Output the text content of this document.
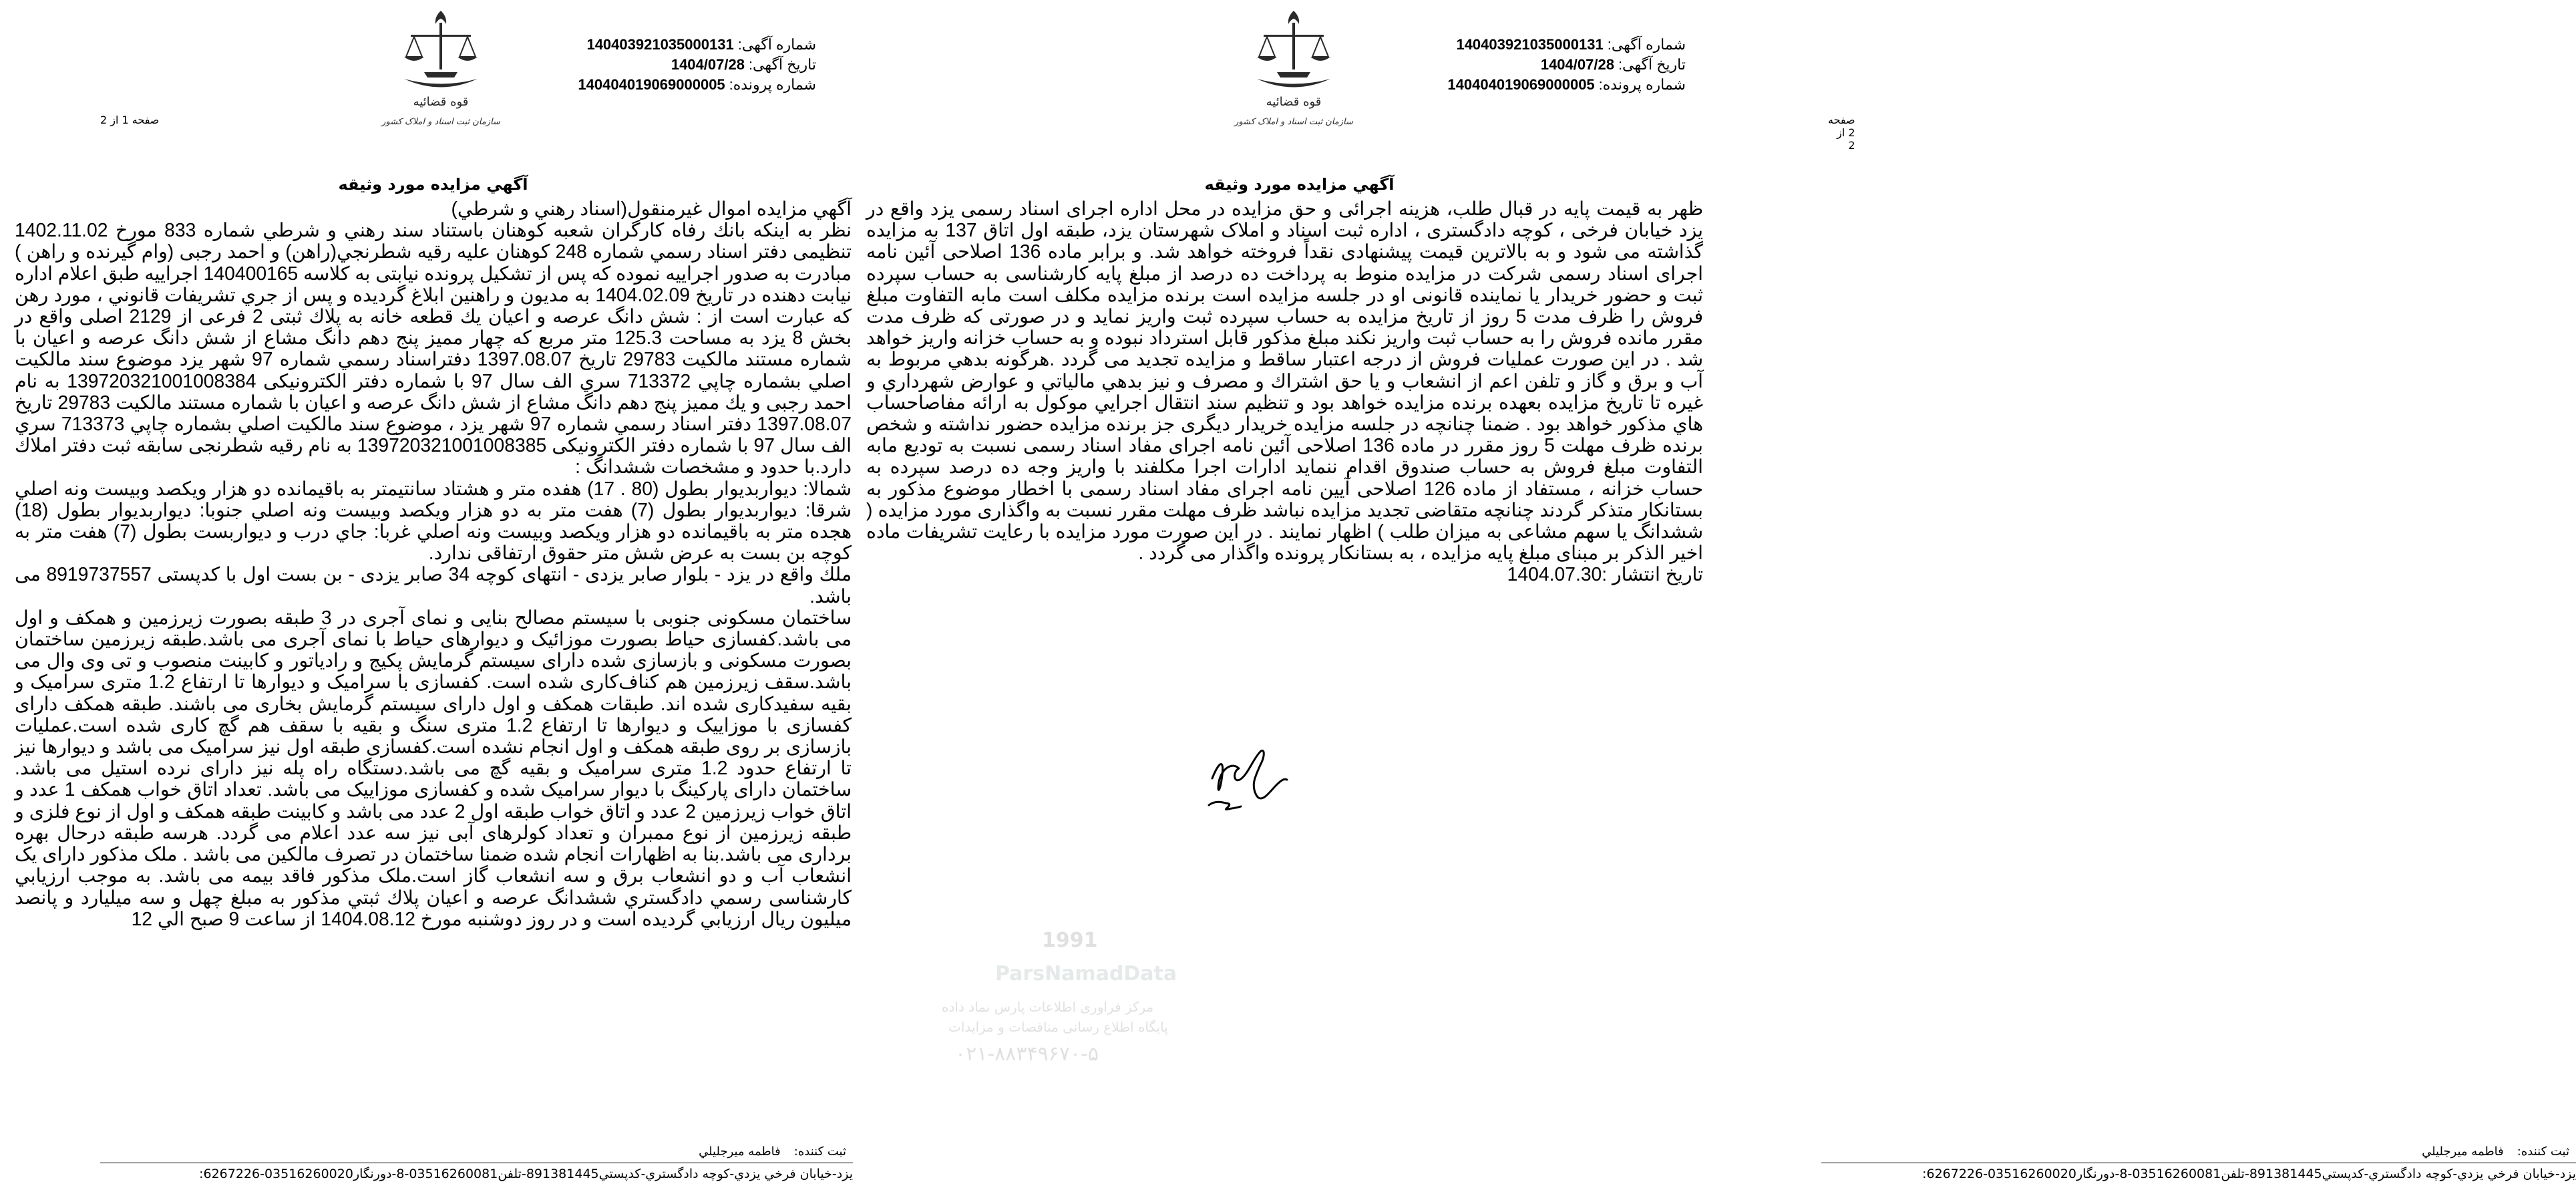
شماره آگهی:140403921035000131
تاریخ آگهی:1404/07/28
شماره پرونده:140404019069000005
قوه قضائیه
سازمان ثبت اسناد و املاک کشور
صفحه 1 از 2
آگهي مزايده مورد وثيقه

آگهي مزايده اموال غيرمنقول(اسناد رهني و شرطي)
نظر به اينكه بانك رفاه كارگران شعبه كوهنان باستناد سند رهني و شرطي شماره 833 مورخ 1402.11.02 تنظيمی دفتر اسناد رسمي شماره 248 كوهنان عليه رقيه شطرنجي(راهن) و احمد رجبی (وام گيرنده و راهن ) مبادرت به صدور اجراييه نموده كه پس از تشكيل پرونده نيابتی به كلاسه 140400165 اجراييه طبق اعلام اداره نيابت دهنده در تاريخ 1404.02.09 به مديون و راهنين ابلاغ گرديده و پس از جري تشريفات قانوني ، مورد رهن كه عبارت است از : شش دانگ عرصه و اعيان يك قطعه خانه به پلاك ثبتی 2 فرعی از 2129 اصلی واقع در بخش 8 يزد به مساحت 125.3 متر مربع كه چهار مميز پنج دهم دانگ مشاع از شش دانگ عرصه و اعيان با شماره مستند مالكيت 29783 تاريخ 1397.08.07 دفتراسناد رسمي شماره 97 شهر يزد موضوع سند مالكيت اصلي بشماره چاپي 713372 سري الف سال 97 با شماره دفتر الكترونيكی 139720321001008384 به نام احمد رجبی و يك مميز پنج دهم دانگ مشاع از شش دانگ عرصه و اعيان با شماره مستند مالكيت 29783 تاريخ 1397.08.07 دفتر اسناد رسمي شماره 97 شهر يزد ، موضوع سند مالكيت اصلي بشماره چاپي 713373 سري الف سال 97 با شماره دفتر الكترونيكی 139720321001008385 به نام رقيه شطرنجی سابقه ثبت دفتر املاك دارد.با حدود و مشخصات ششدانگ :
شمالا: ديواربديوار بطول (80 . 17) هفده متر و هشتاد سانتيمتر به باقيمانده دو هزار ويكصد وبيست ونه اصلي شرقا: ديواربديوار بطول (7) هفت متر به دو هزار ويكصد وبيست ونه اصلي جنوبا: ديواربديوار بطول (18) هجده متر به باقيمانده دو هزار ويكصد وبيست ونه اصلي غربا: جاي درب و ديواربست بطول (7) هفت متر به كوچه بن بست به عرض شش متر حقوق ارتفاقی ندارد.
ملك واقع در يزد - بلوار صابر يزدی - انتهای كوچه 34 صابر يزدی - بن بست اول با كدپستی 8919737557 می باشد.
ساختمان مسكونی جنوبی با سيستم مصالح بنايی و نمای آجری در 3 طبقه بصورت زيرزمين و همكف و اول می باشد.كفسازی حياط بصورت موزائيک و ديوارهای حياط با نمای آجری می باشد.طبقه زيرزمين ساختمان بصورت مسكونی و بازسازی شده دارای سيستم گرمايش پكيج و رادياتور و كابينت منصوب و تی وی وال می باشد.سقف زيرزمين هم كناف‌كاری شده است. كفسازی با سراميک و ديوارها تا ارتفاع 1.2 متری سراميک و بقيه سفيدكاری شده اند. طبقات همكف و اول دارای سيستم گرمايش بخاری می باشند. طبقه همكف دارای كفسازی با موزاييک و ديوارها تا ارتفاع 1.2 متری سنگ و بقيه با سقف هم گچ كاری شده است.عمليات بازسازی بر روی طبقه همكف و اول انجام نشده است.كفسازی طبقه اول نيز سراميک می باشد و ديوارها نيز تا ارتفاع حدود 1.2 متری سراميک و بقيه گچ می باشد.دستگاه راه پله نيز دارای نرده استيل می باشد. ساختمان دارای پاركينگ با ديوار سراميک شده و كفسازی موزاييک می باشد. تعداد اتاق خواب همكف 1 عدد و اتاق خواب زيرزمين 2 عدد و اتاق خواب طبقه اول 2 عدد می باشد و كابينت طبقه همكف و اول از نوع فلزی و طبقه زيرزمين از نوع ممبران و تعداد كولرهای آبی نيز سه عدد اعلام می گردد. هرسه طبقه درحال بهره برداری می باشد.بنا به اظهارات انجام شده ضمنا ساختمان در تصرف مالكين می باشد . ملک مذكور دارای يک انشعاب آب و دو انشعاب برق و سه انشعاب گاز است.ملک مذكور فاقد بيمه می باشد. به موجب ارزيابي كارشناسی رسمي دادگستري ششدانگ عرصه و اعيان پلاك ثبتي مذكور به مبلغ چهل و سه ميليارد و پانصد ميليون ريال ارزيابي گرديده است و در روز دوشنبه مورخ 1404.08.12 از ساعت 9 صبح الي 12

ثبت كننده:فاطمه ميرجليلي
يزد-خيابان فرخي يزدي-كوچه دادگستري-كدپستي891381445-تلفن03516260081-8-دورنگار03516260020-6267226:
شماره آگهی:140403921035000131
تاریخ آگهی:1404/07/28
شماره پرونده:140404019069000005
صفحه 2 از 2
آگهي مزايده مورد وثيقه
ثبت كننده:فاطمه ميرجليلي
يزد-خيابان فرخي يزدي-كوچه دادگستري-كدپستي891381445-تلفن03516260081-8-دورنگار03516260020-6267226:
قوه قضائیه
سازمان ثبت اسناد و املاک کشور

ظهر به قيمت پايه در قبال طلب، هزينه اجرائی و حق مزايده در محل اداره اجرای اسناد رسمی يزد واقع در يزد خيابان فرخی ، كوچه دادگستری ، اداره ثبت اسناد و املاک شهرستان يزد، طبقه اول اتاق 137 به مزايده گذاشته می شود و به بالاترين قيمت پيشنهادی نقداً فروخته خواهد شد. و برابر ماده 136 اصلاحی آئين نامه اجرای اسناد رسمی شركت در مزايده منوط به پرداخت ده درصد از مبلغ پايه كارشناسی به حساب سپرده ثبت و حضور خريدار يا نماينده قانونی او در جلسه مزايده است برنده مزايده مكلف است مابه التفاوت مبلغ فروش را ظرف مدت 5 روز از تاريخ مزايده به حساب سپرده ثبت واريز نمايد و در صورتی كه ظرف مدت مقرر مانده فروش را به حساب ثبت واريز نكند مبلغ مذكور قابل استرداد نبوده و به حساب خزانه واريز خواهد شد . در اين صورت عمليات فروش از درجه اعتبار ساقط و مزايده تجديد می گردد .هرگونه بدهي مربوط به آب و برق و گاز و تلفن اعم از انشعاب و يا حق اشتراك و مصرف و نيز بدهي مالياتي و عوارض شهرداري و غيره تا تاريخ مزايده بعهده برنده مزايده خواهد بود و تنظيم سند انتقال اجرايي موكول به ارائه مفاصاحساب هاي مذكور خواهد بود . ضمنا چنانچه در جلسه مزايده خريدار ديگری جز برنده مزايده حضور نداشته و شخص برنده ظرف مهلت 5 روز مقرر در ماده 136 اصلاحی آئين نامه اجرای مفاد اسناد رسمی نسبت به توديع مابه التفاوت مبلغ فروش به حساب صندوق اقدام ننمايد ادارات اجرا مكلفند با واريز وجه ده درصد سپرده به حساب خزانه ، مستفاد از ماده 126 اصلاحی آيين نامه اجرای مفاد اسناد رسمی با اخطار موضوع مذكور به بستانكار متذكر گردند چنانچه متقاضی تجديد مزايده نباشد ظرف مهلت مقرر نسبت به واگذاری مورد مزايده ( ششدانگ يا سهم مشاعی به ميزان طلب ) اظهار نمايند . در اين صورت مورد مزايده با رعايت تشريفات ماده اخير الذكر بر مبنای مبلغ پايه مزايده ، به بستانكار پرونده واگذار می گردد .
تاريخ انتشار :1404.07.30

1991
ParsNamadData
مركز فراوری اطلاعات پارس نماد داده
پايگاه اطلاع رسانی مناقصات و مزايدات
۰۲۱-۸۸۳۴۹۶۷۰-۵
